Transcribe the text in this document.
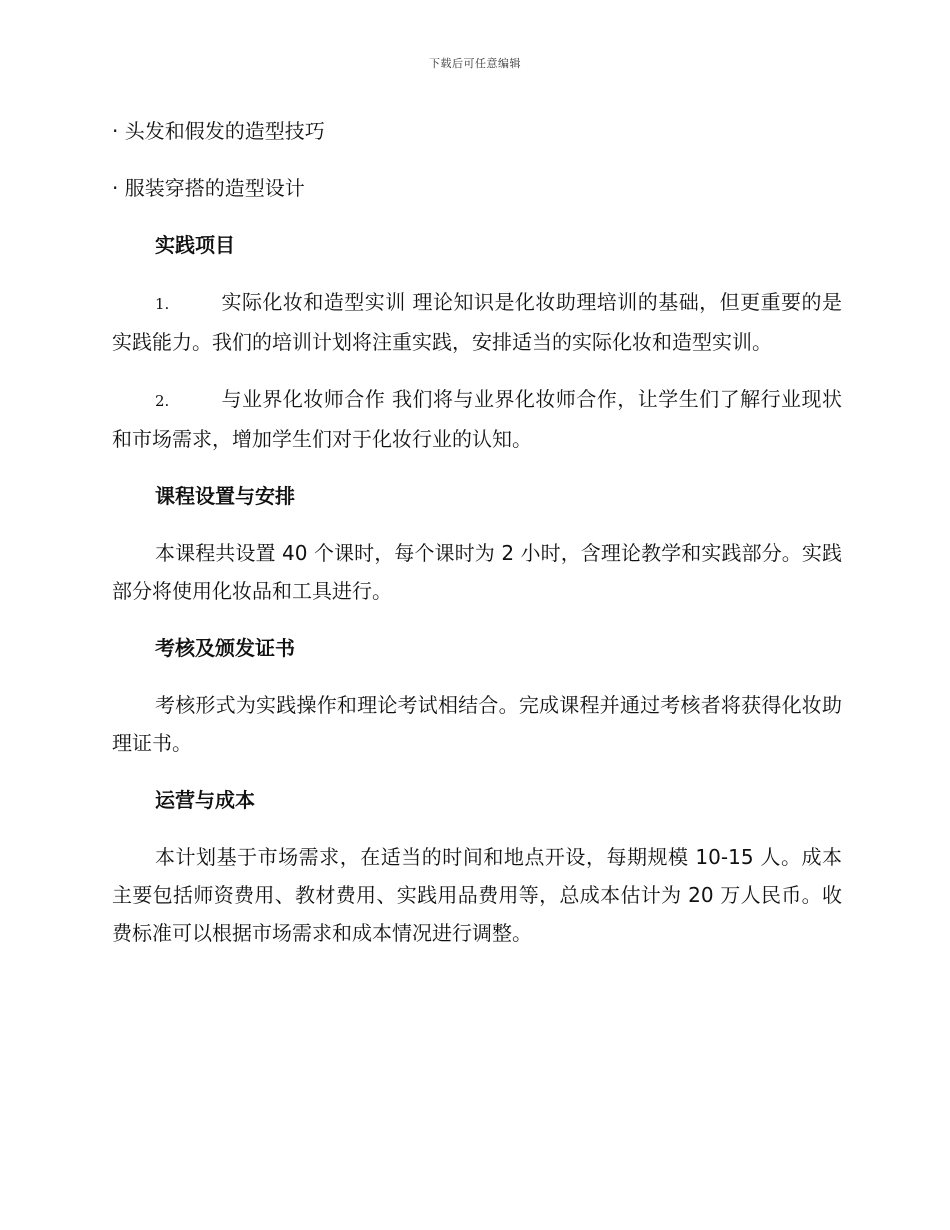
下载后可任意编辑
· 头发和假发的造型技巧
· 服装穿搭的造型设计
实践项目
1.	实际化妆和造型实训 理论知识是化妆助理培训的基础，但更重要的是实践能力。我们的培训计划将注重实践，安排适当的实际化妆和造型实训。
2.	与业界化妆师合作 我们将与业界化妆师合作，让学生们了解行业现状和市场需求，增加学生们对于化妆行业的认知。
课程设置与安排
本课程共设置 40 个课时，每个课时为 2 小时，含理论教学和实践部分。实践部分将使用化妆品和工具进行。
考核及颁发证书
考核形式为实践操作和理论考试相结合。完成课程并通过考核者将获得化妆助理证书。
运营与成本
本计划基于市场需求，在适当的时间和地点开设，每期规模 10-15 人。成本主要包括师资费用、教材费用、实践用品费用等，总成本估计为 20 万人民币。收费标准可以根据市场需求和成本情况进行调整。
